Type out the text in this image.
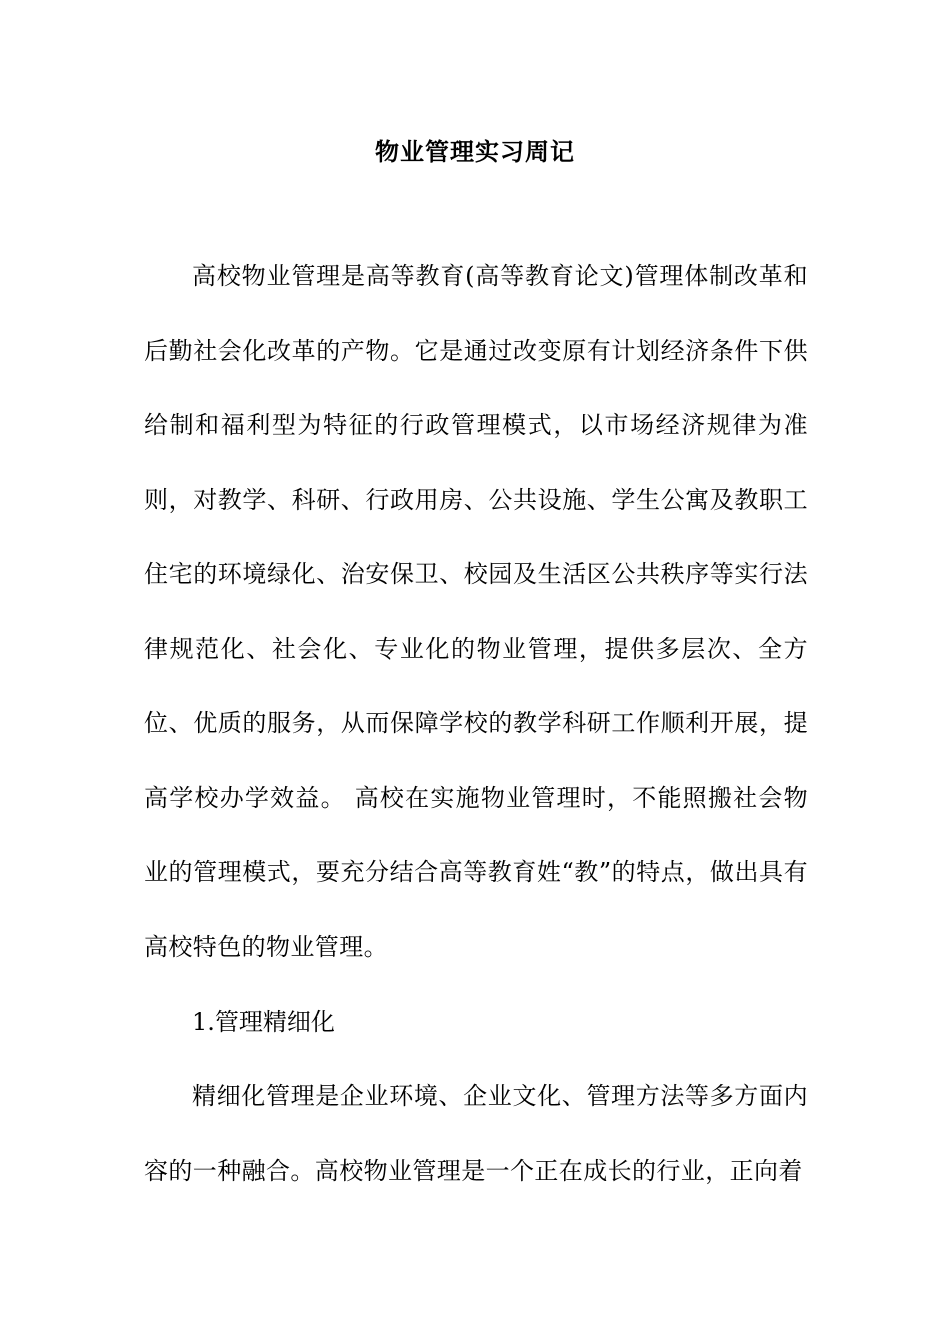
物业管理实习周记
高校物业管理是高等教育(高等教育论文)管理体制改革和后勤社会化改革的产物。它是通过改变原有计划经济条件下供给制和福利型为特征的行政管理模式，以市场经济规律为准则，对教学、科研、行政用房、公共设施、学生公寓及教职工住宅的环境绿化、治安保卫、校园及生活区公共秩序等实行法律规范化、社会化、专业化的物业管理，提供多层次、全方位、优质的服务，从而保障学校的教学科研工作顺利开展，提高学校办学效益。 高校在实施物业管理时，不能照搬社会物业的管理模式，要充分结合高等教育姓“教”的特点，做出具有高校特色的物业管理。
1.管理精细化
精细化管理是企业环境、企业文化、管理方法等多方面内容的一种融合。高校物业管理是一个正在成长的行业，正向着
